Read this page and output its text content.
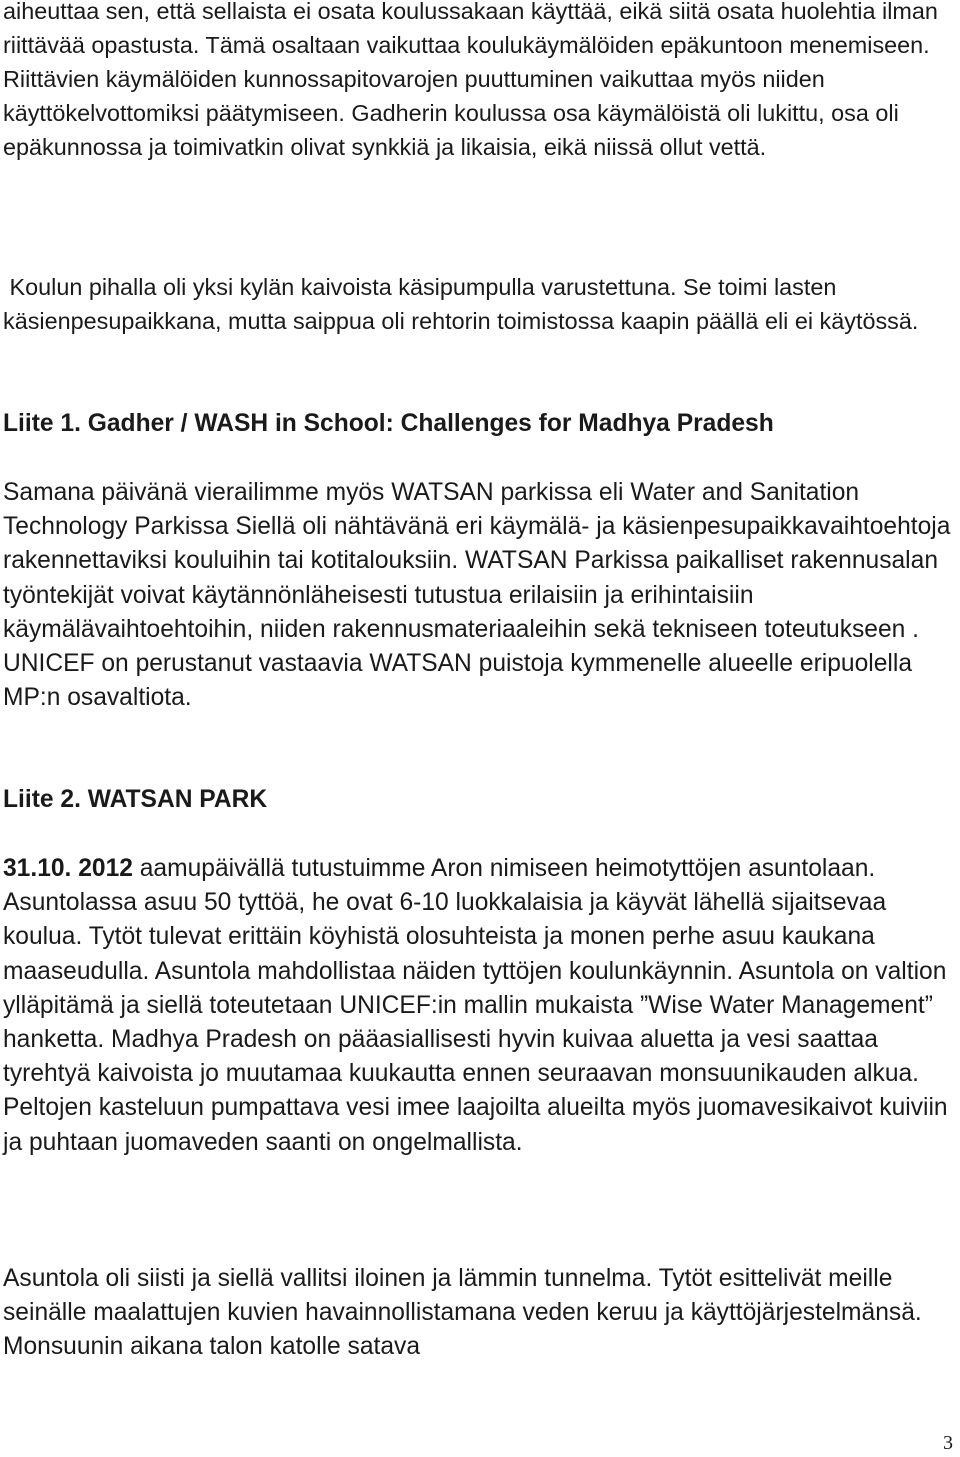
aiheuttaa sen, että sellaista ei osata koulussakaan käyttää, eikä siitä osata huolehtia ilman riittävää opastusta. Tämä osaltaan vaikuttaa koulukäymälöiden epäkuntoon menemiseen. Riittävien käymälöiden kunnossapitovarojen puuttuminen vaikuttaa myös niiden käyttökelvottomiksi päätymiseen. Gadherin koulussa osa käymälöistä oli lukittu, osa oli epäkunnossa ja toimivatkin olivat synkkiä ja likaisia, eikä niissä ollut vettä.

Koulun pihalla oli yksi kylän kaivoista käsipumpulla varustettuna. Se toimi lasten käsienpesupaikkana, mutta saippua oli rehtorin toimistossa kaapin päällä eli ei käytössä.

Liite 1. Gadher / WASH in School: Challenges for Madhya Pradesh

Samana päivänä vierailimme myös WATSAN parkissa eli Water and Sanitation Technology Parkissa Siellä oli nähtävänä eri käymälä- ja käsienpesupaikkavaihtoehtoja rakennettaviksi kouluihin tai kotitalouksiin. WATSAN Parkissa paikalliset rakennusalan työntekijät voivat käytännönläheisesti tutustua erilaisiin ja erihintaisiin käymälävaihtoehtoihin, niiden rakennusmateriaaleihin sekä tekniseen toteutukseen . UNICEF on perustanut vastaavia WATSAN puistoja kymmenelle alueelle eripuolella MP:n osavaltiota.

Liite 2. WATSAN PARK

31.10. 2012 aamupäivällä tutustuimme Aron nimiseen heimotyttöjen asuntolaan. Asuntolassa asuu 50 tyttöä, he ovat 6-10 luokkalaisia ja käyvät lähellä sijaitsevaa koulua. Tytöt tulevat erittäin köyhistä olosuhteista ja monen perhe asuu kaukana maaseudulla. Asuntola mahdollistaa näiden tyttöjen koulunkäynnin. Asuntola on valtion ylläpitämä ja siellä toteutetaan UNICEF:in mallin mukaista ”Wise Water Management” hanketta. Madhya Pradesh on pääasiallisesti hyvin kuivaa aluetta ja vesi saattaa tyrehtyä kaivoista jo muutamaa kuukautta ennen seuraavan monsuunikauden alkua. Peltojen kasteluun pumpattava vesi imee laajoilta alueilta myös juomavesikaivot kuiviin ja puhtaan juomaveden saanti on ongelmallista.

Asuntola oli siisti ja siellä vallitsi iloinen ja lämmin tunnelma. Tytöt esittelivät meille seinälle maalattujen kuvien havainnollistamana veden keruu ja käyttöjärjestelmänsä. Monsuunin aikana talon katolle satava

3
